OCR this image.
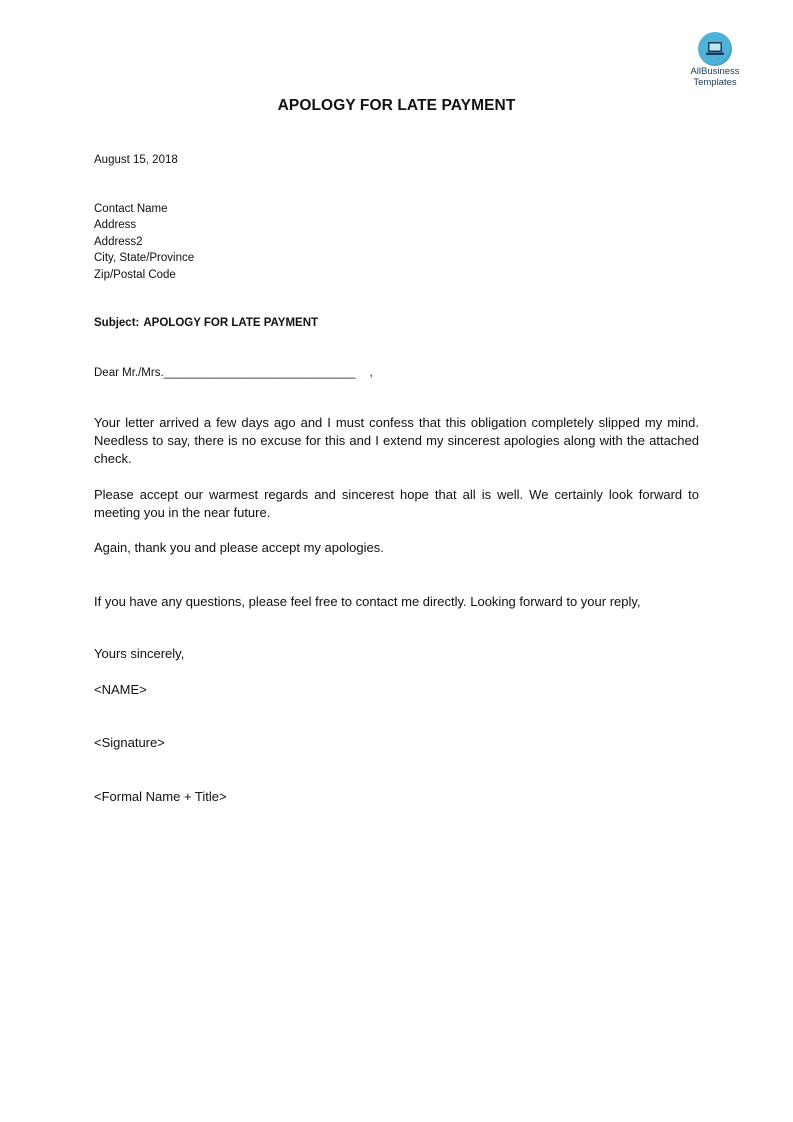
AllBusiness
Templates
APOLOGY FOR LATE PAYMENT
August 15, 2018
Contact Name
Address
Address2
City, State/Province
Zip/Postal Code
Subject: APOLOGY FOR LATE PAYMENT
Dear Mr./Mrs.______________________________ ,
Your letter arrived a few days ago and I must confess that this obligation completely slipped my mind. Needless to say, there is no excuse for this and I extend my sincerest apologies along with the attached check.
Please accept our warmest regards and sincerest hope that all is well. We certainly look forward to meeting you in the near future.
Again, thank you and please accept my apologies.
If you have any questions, please feel free to contact me directly. Looking forward to your reply,
Yours sincerely,
<NAME>
<Signature>
<Formal Name + Title>
